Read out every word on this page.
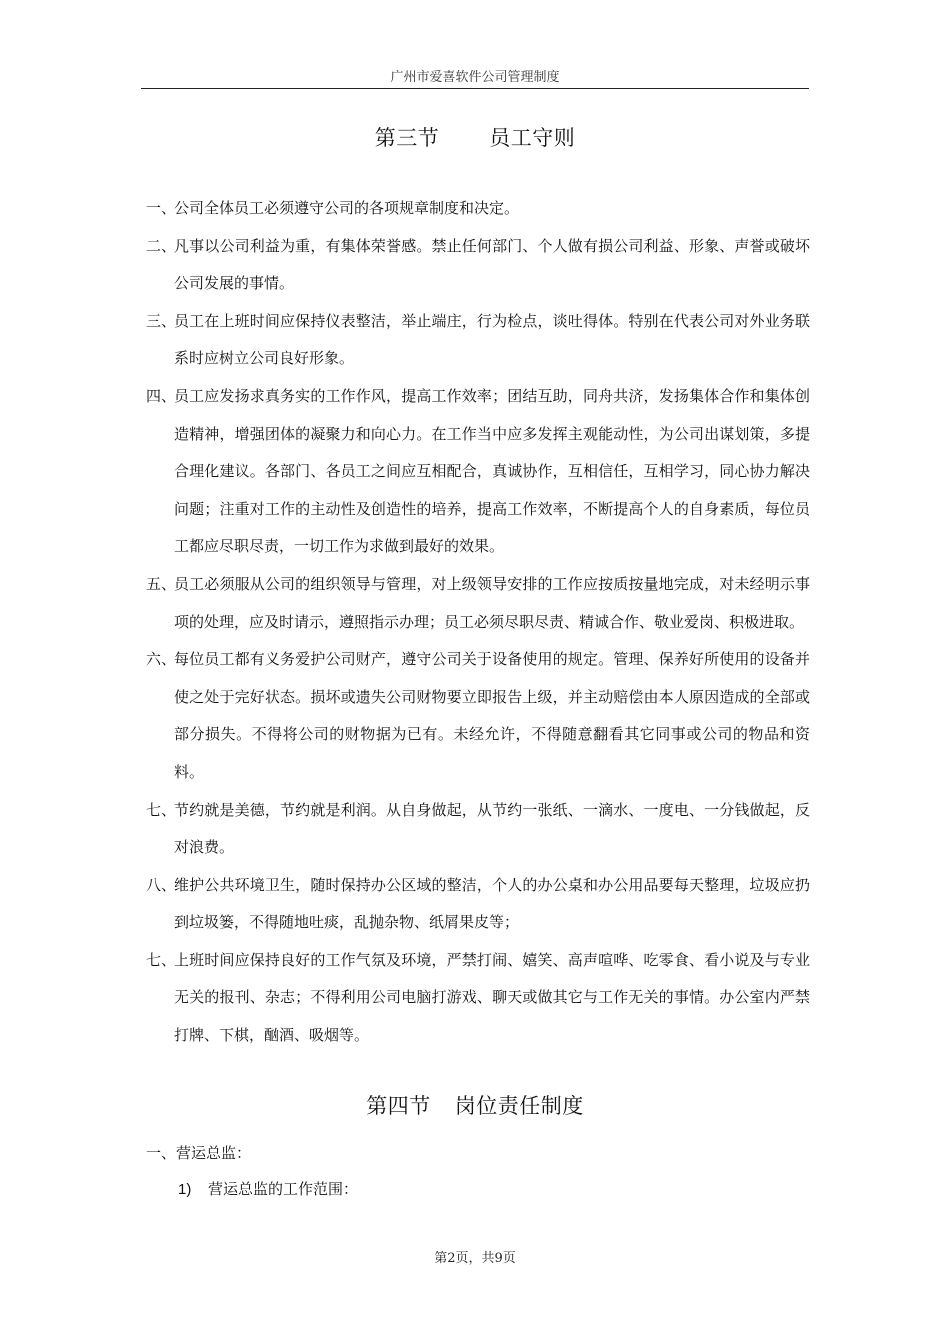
广州市爱喜软件公司管理制度
第三节 员工守则
一、
公司全体员工必须遵守公司的各项规章制度和决定。
二、
凡事以公司利益为重，有集体荣誉感。禁止任何部门、个人做有损公司利益、形象、声誉或破坏公司发展的事情。
三、
员工在上班时间应保持仪表整洁，举止端庄，行为检点，谈吐得体。特别在代表公司对外业务联系时应树立公司良好形象。
四、
员工应发扬求真务实的工作作风，提高工作效率；团结互助，同舟共济，发扬集体合作和集体创造精神，增强团体的凝聚力和向心力。在工作当中应多发挥主观能动性，为公司出谋划策，多提合理化建议。各部门、各员工之间应互相配合，真诚协作，互相信任，互相学习，同心协力解决问题；注重对工作的主动性及创造性的培养，提高工作效率，不断提高个人的自身素质，每位员工都应尽职尽责，一切工作为求做到最好的效果。
五、
员工必须服从公司的组织领导与管理，对上级领导安排的工作应按质按量地完成，对未经明示事项的处理，应及时请示，遵照指示办理；员工必须尽职尽责、精诚合作、敬业爱岗、积极进取。
六、
每位员工都有义务爱护公司财产，遵守公司关于设备使用的规定。管理、保养好所使用的设备并使之处于完好状态。损坏或遗失公司财物要立即报告上级，并主动赔偿由本人原因造成的全部或部分损失。不得将公司的财物据为已有。未经允许，不得随意翻看其它同事或公司的物品和资料。
七、
节约就是美德，节约就是利润。从自身做起，从节约一张纸、一滴水、一度电、一分钱做起，反对浪费。
八、
维护公共环境卫生，随时保持办公区域的整洁，个人的办公桌和办公用品要每天整理，垃圾应扔到垃圾篓，不得随地吐痰，乱抛杂物、纸屑果皮等；
七、
上班时间应保持良好的工作气氛及环境，严禁打闹、嬉笑、高声喧哗、吃零食、看小说及与专业无关的报刊、杂志；不得利用公司电脑打游戏、聊天或做其它与工作无关的事情。办公室内严禁打牌、下棋，酗酒、吸烟等。
第四节 岗位责任制度
一、营运总监：
1) 营运总监的工作范围：
第2页，共9页
